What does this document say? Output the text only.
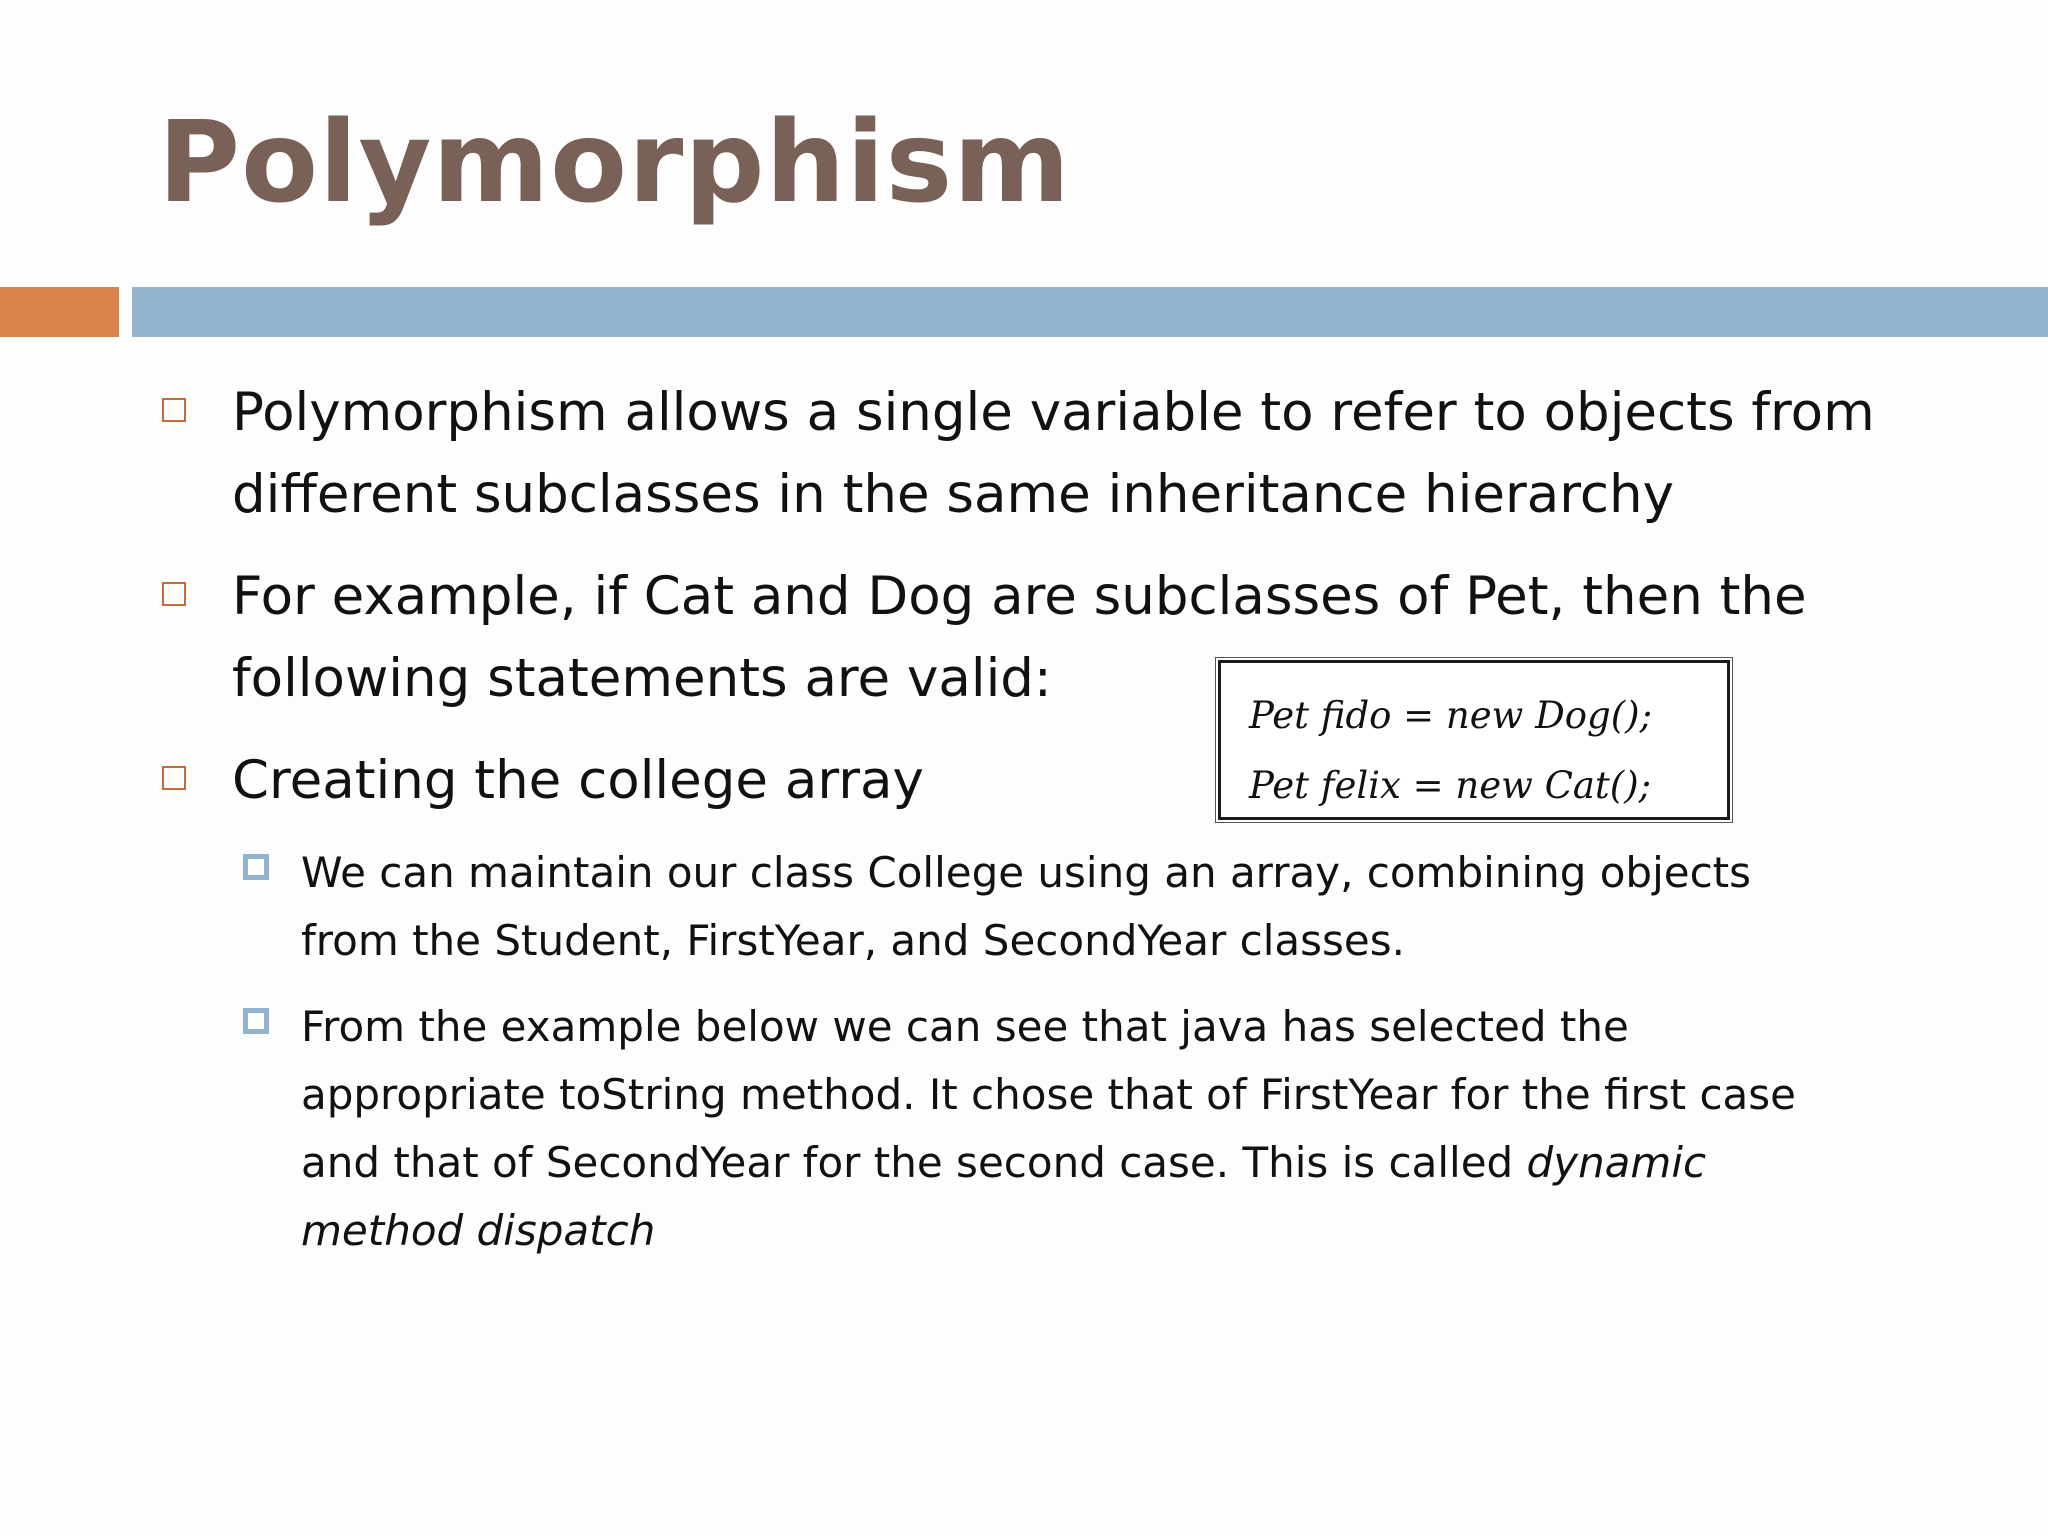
Polymorphism
Polymorphism allows a single variable to refer to objects from
different subclasses in the same inheritance hierarchy
For example, if Cat and Dog are subclasses of Pet, then the
following statements are valid:
Pet fido = new Dog();
Pet felix = new Cat();
Creating the college array
We can maintain our class College using an array, combining objects
from the Student, FirstYear, and SecondYear classes.
From the example below we can see that java has selected the
appropriate toString method. It chose that of FirstYear for the first case
and that of SecondYear for the second case. This is called dynamic
method dispatch
